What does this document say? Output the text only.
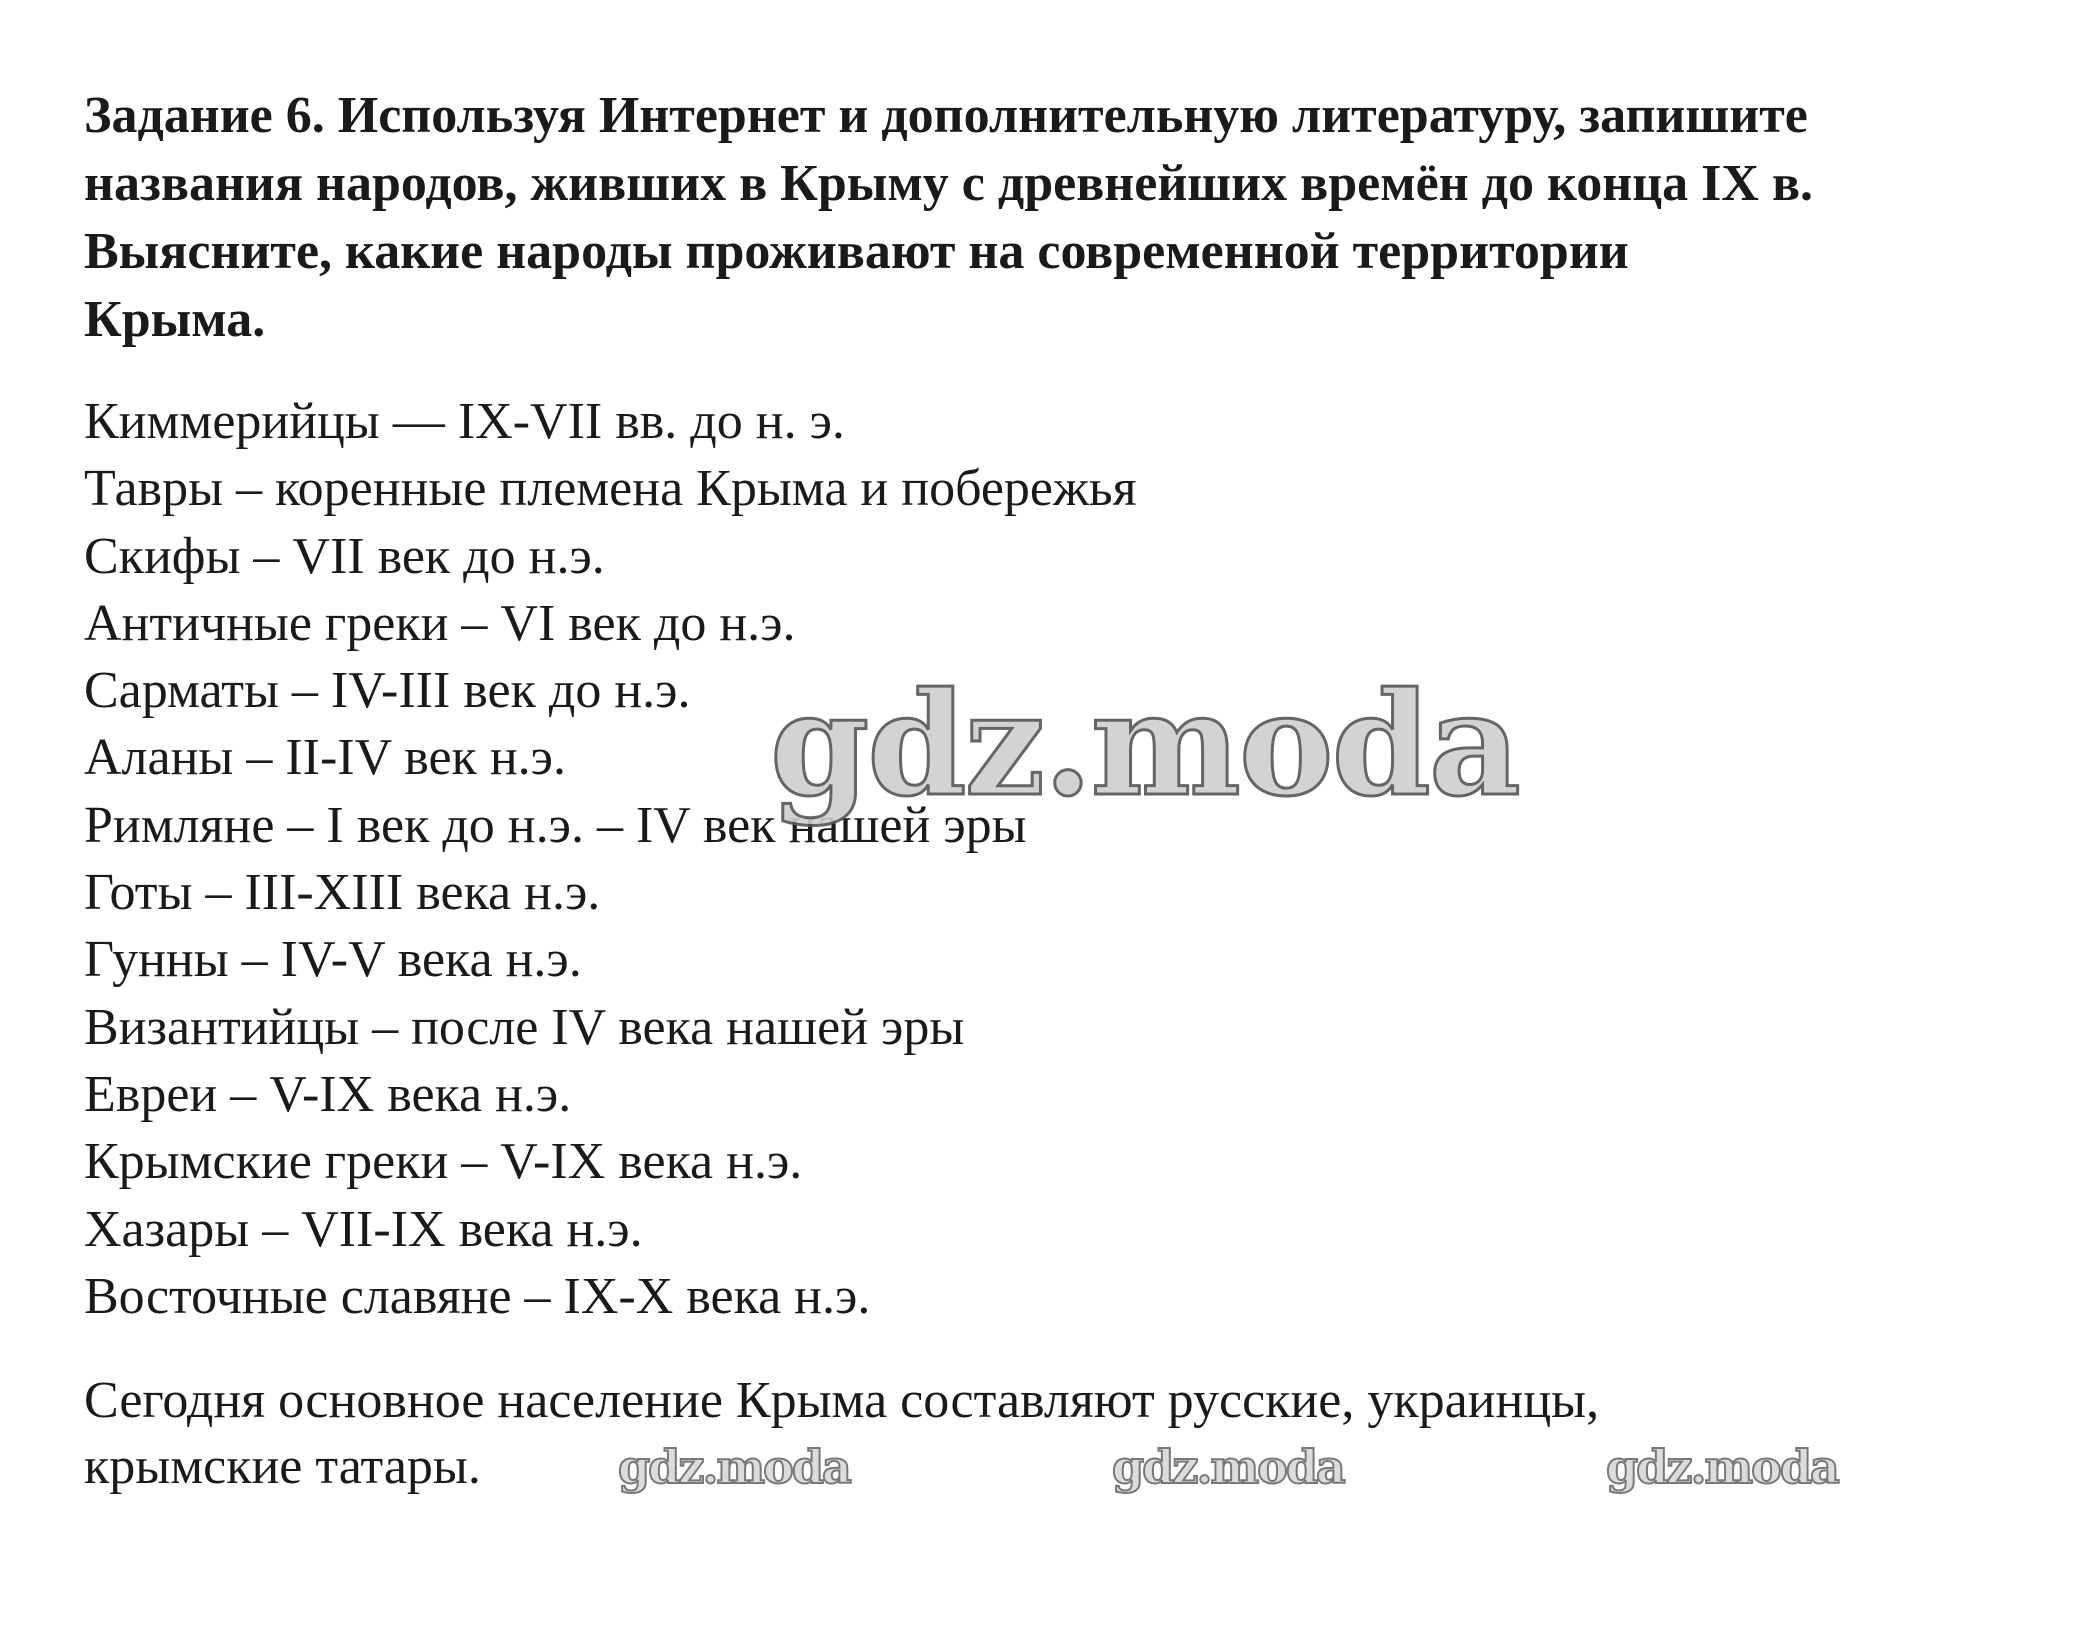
Задание 6. Используя Интернет и дополнительную литературу, запишите
названия народов, живших в Крыму с древнейших времён до конца IX в.
Выясните, какие народы проживают на современной территории
Крыма.
Киммерийцы — IX-VII вв. до н. э.
Тавры – коренные племена Крыма и побережья
Скифы – VII век до н.э.
Античные греки – VI век до н.э.
Сарматы – IV-III век до н.э.
Аланы – II-IV век н.э.
Римляне – I век до н.э. – IV век нашей эры
Готы – III-XIII века н.э.
Гунны – IV-V века н.э.
Византийцы – после IV века нашей эры
Евреи – V-IX века н.э.
Крымские греки – V-IX века н.э.
Хазары – VII-IX века н.э.
Восточные славяне – IX-X века н.э.
Сегодня основное население Крыма составляют русские, украинцы,
крымские татары.
gdz.moda
gdz.moda	gdz.moda	gdz.moda
